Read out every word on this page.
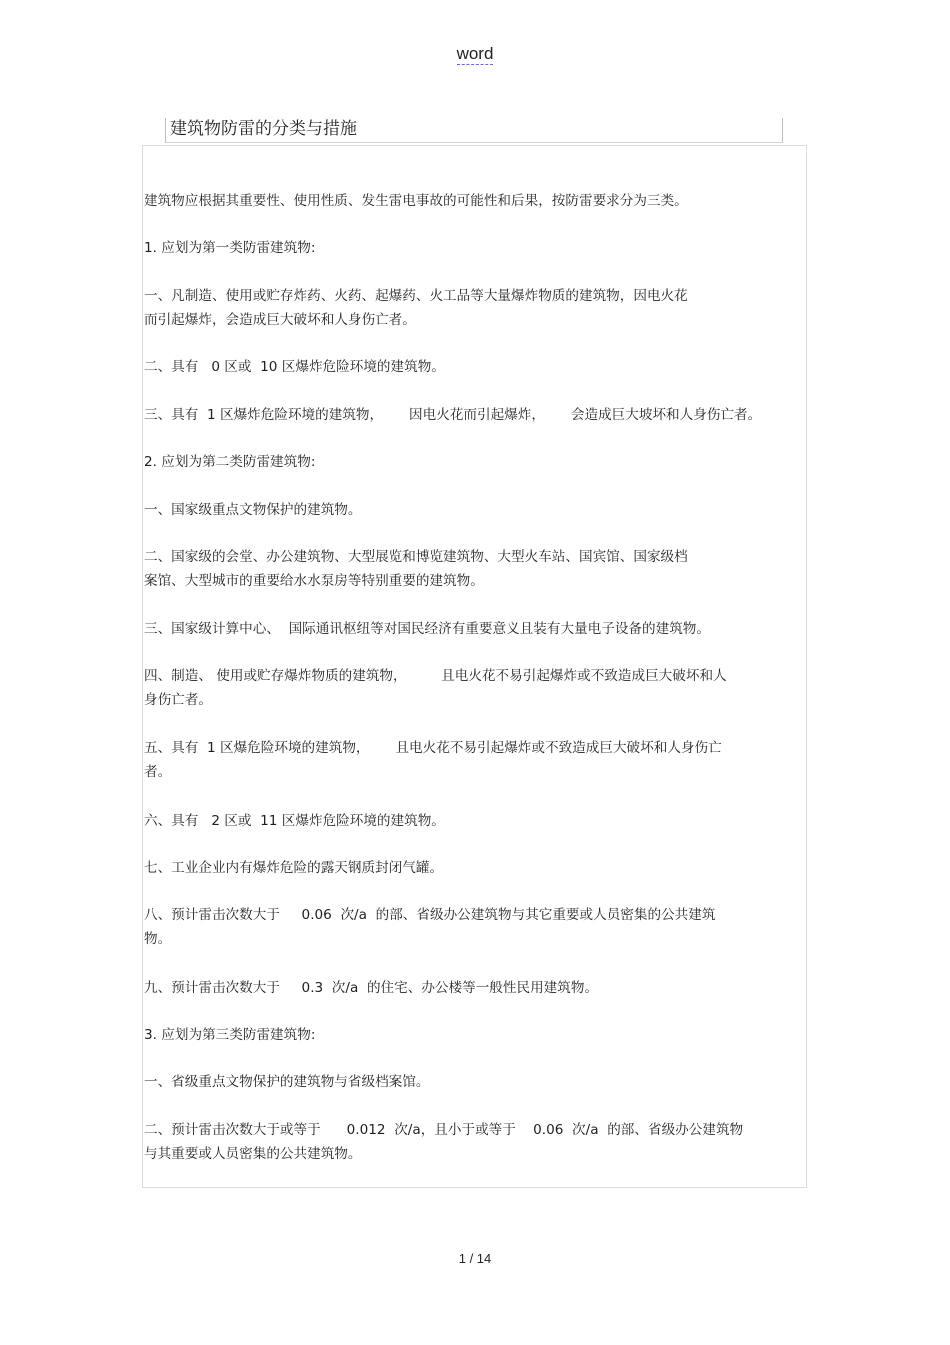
word
建筑物防雷的分类与措施
建筑物应根据其重要性、使用性质、发生雷电事故的可能性和后果，按防雷要求分为三类。
1. 应划为第一类防雷建筑物:
一、凡制造、使用或贮存炸药、火药、起爆药、火工品等大量爆炸物质的建筑物，因电火花
而引起爆炸，会造成巨大破坏和人身伤亡者。
二、具有   0 区或  10 区爆炸危险环境的建筑物。
三、具有  1 区爆炸危险环境的建筑物，      因电火花而引起爆炸，      会造成巨大坡坏和人身伤亡者。
2. 应划为第二类防雷建筑物:
一、国家级重点文物保护的建筑物。
二、国家级的会堂、办公建筑物、大型展览和博览建筑物、大型火车站、国宾馆、国家级档
案馆、大型城市的重要给水水泵房等特别重要的建筑物。
三、国家级计算中心、  国际通讯枢纽等对国民经济有重要意义且装有大量电子设备的建筑物。
四、制造、 使用或贮存爆炸物质的建筑物，        且电火花不易引起爆炸或不致造成巨大破坏和人
身伤亡者。
五、具有  1 区爆危险环境的建筑物，      且电火花不易引起爆炸或不致造成巨大破坏和人身伤亡
者。
六、具有   2 区或  11 区爆炸危险环境的建筑物。
七、工业企业内有爆炸危险的露天钢质封闭气罐。
八、预计雷击次数大于     0.06  次/a  的部、省级办公建筑物与其它重要或人员密集的公共建筑
物。
九、预计雷击次数大于     0.3  次/a  的住宅、办公楼等一般性民用建筑物。
3. 应划为第三类防雷建筑物:
一、省级重点文物保护的建筑物与省级档案馆。
二、预计雷击次数大于或等于      0.012  次/a，且小于或等于    0.06  次/a  的部、省级办公建筑物
与其重要或人员密集的公共建筑物。
1 / 14
